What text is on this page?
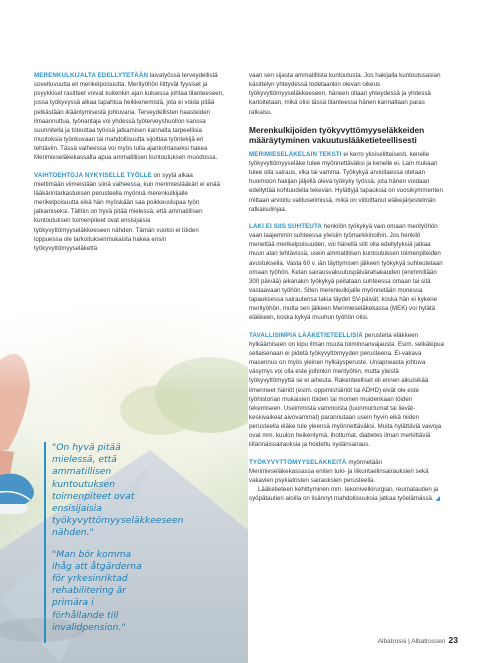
MERENKULKIJALTA EDELLYTETÄÄN laivatyössä terveydellistä soveltuvuutta eli merikelpoisuutta. Merityöhön liittyvät fyysiset ja psyykkiset rasitteet voivat kuitenkin ajan kuluessa johtaa tilanteeseen, jossa työkyvyssä alkaa tapahtua heikkenemistä, jota ei voida pitää pelkästään ikääntymisestä johtuvana. Terveydellisten haasteiden ilmaannuttua, työnantaja voi yhdessä työterveyshuollon kanssa suunnitella ja toteuttaa työssä jatkamisen kannalta tarpeellisia muutoksia työnkuvaan tai mahdollisuutta sijoittaa työntekijä eri tehtäviin. Tässä vaiheessa voi myös tulla ajankohtaiseksi hakea Merimieseläkekassalta apua ammatillisen kuntoutuksen muodossa.

VAIHTOEHTOJA NYKYISELLE TYÖLLE on syytä alkaa miettimään viimeistään siinä vaiheessa, kun merimieslääkäri ei enää lääkärintarkastuksen perusteella myönnä merenkulkijalle merikelpoisuutta eikä hän myöskään saa poikkeuslupaa työn jatkamiseksi. Tällöin on hyvä pitää mielessä, että ammatillisen kuntoutuksen toimenpiteet ovat ensisijaisia työkyvyttömyyseläkkeeseen nähden. Tämän vuoksi ei töiden loppuessa ole tarkoituksenmukaista hakea ensin työkyvyttömyyseläkettä

"On hyvä pitää mielessä, että ammatillisen kuntoutuksen toimenpiteet ovat ensisijaisia työkyvyttömyyseläkkeeseen nähden."

"Man bör komma ihåg att åtgärderna för yrkesinriktad rehabilitering är primära i förhållande till invalidpension."

vaan sen sijasta ammatillista kuntoutusta. Jos hakijalla kuntoutusasian käsittelyn yhteydessä todetaankin olevan oikeus työkyvyttömyyseläkkeeseen, häneen ollaan yhteydessä ja yhdessä kartoitetaan, mikä olisi tässä tilanteessa hänen kannaltaan paras ratkaisu.

Merenkulkijoiden työkyvyttömyyseläkkeiden määräytyminen vakuutuslääketieteellisesti

MERIMIESELÄKELAIN TEKSTI ei kerro yksiselitteisesti, kenelle työkyvyttömyyseläke tulee myönnettäväksi ja kenelle ei. Lain mukaan tulee olla sairaus, vika tai vamma. Työkykyä arvioitaessa otetaan huomioon hakijan jäljellä oleva työkyky työssä, jota hänen voidaan edellyttää kohtuudella tekevän. Hylättyjä tapauksia on vuosikymmenten mittaan arvioitu valituselimissä, mikä on viitoittanut eläkejärjestelmän ratkaisulinjaa.

LAKI EI SIIS SUHTEUTA henkilön työkykyä vain omaan merityöhön vaan laajemmin suhteessa yleisiin työmarkkinoihin. Jos henkilö menettää merikelpoisuuden, voi hänellä silti olla edellytyksiä jatkaa muun alan tehtävissä, usein ammatillisen kuntoutuksen toimenpiteiden avustuksella. Vasta 60 v. iän täyttymisen jälkeen työkykyä suhteutetaan omaan työhön. Kelan sairausvakuutuspäivärahakauden (enimmillään 300 päivää) aikanakin työkykyä peilataan suhteessa omaan tai sitä vastaavaan työhön. Siten merenkulkijalle myönnetään monessa tapauksessa sairautensa takia täydet SV-päivät, koska hän ei kykene merityöhön, mutta sen jälkeen Merimieseläkekassa (MEK) voi hylätä eläkkeen, koska kykyä muuhun työhön olisi.

TAVALLISIMPIA LÄÄKETIETEELLISIÄ perusteita eläkkeen hylkäämiseen on kipu ilman muuta toiminnanvajausta. Esim. selkäkipua sellaisenaan ei pidetä työkyvyttömyyden perusteena. Ei-vakava masennus on myös yleinen hylkäysperuste. Uniapneasta johtuva väsymys voi olla este joihinkin merityöhin, mutta yleistä työkyvyttömyyttä se ei aiheuta. Rakenteelliset eli ennen aikuisikää ilmenneet häiriöt (esim. oppimishäiriöt tai ADHD) eivät ole este työhistorian mukaisten töiden tai monien muidenkaan töiden tekemiseen. Useimmista vammoista (luunmurtumat tai lievät-keskivaikeat aivovammat) parannutaan usein hyvin eikä niiden perusteella eläke tule yleensä myönnettäväksi. Muita hylättäviä vaivoja ovat mm. kuulon heikentymä, ihottumat, diabetes ilman merkittäviä liitännäissairauksia ja hoidettu sydänsairaus.

TYÖKYVYTTÖMYYSELÄKKEITÄ myönnetään Merimieseläkekassassa eniten tuki- ja liikuntaelinsairauksien sekä vakavien psykiatristen sairauksien perusteella.

Lääketieteen kehittyminen mm. tekonivelkirurgian, reumatautien ja syöpätautien aloilla on lisännyt mahdollisuuksia jatkaa työelämässä. ◢

Albatrossi | Albatrossen 23
